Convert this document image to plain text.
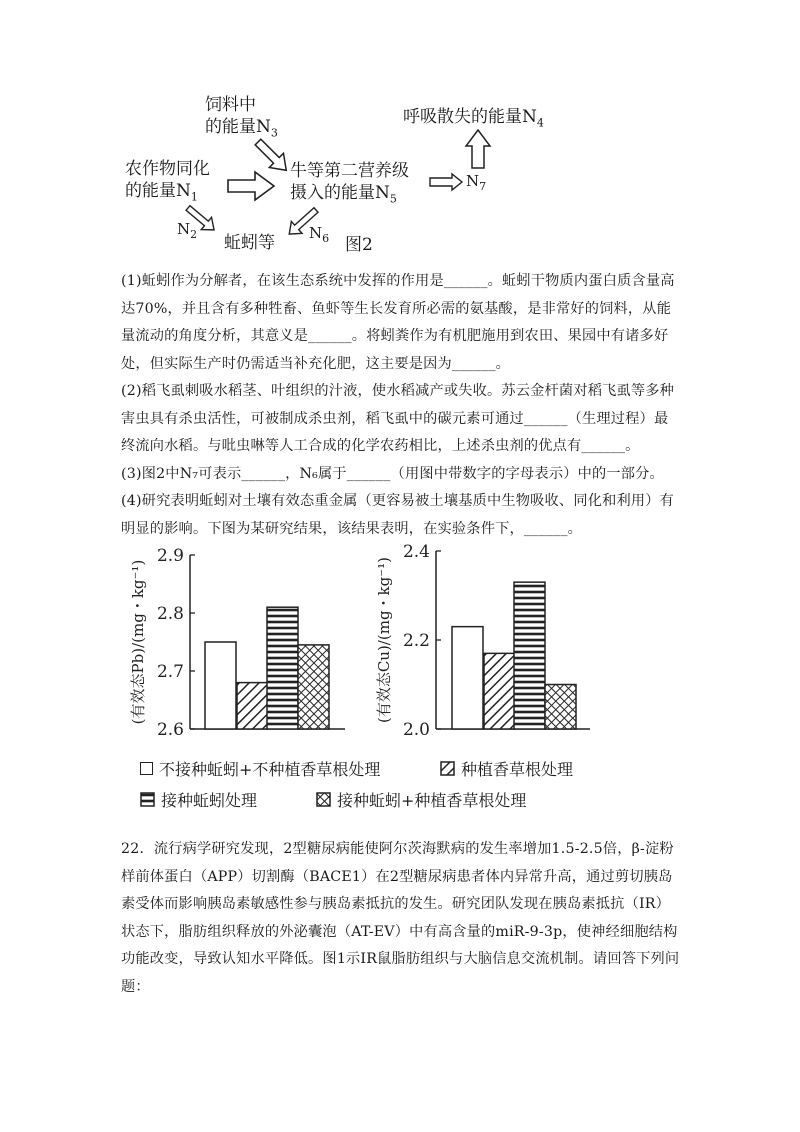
饲料中
的能量$N_3$
农作物同化
的能量$N_1$
牛等第二营养级
摄入的能量$N_5$
呼吸散失的能量$N_4$
$N_7$
$N_2$	$N_6$
蚯蚓等	图2

(1)蚯蚓作为分解者，在该生态系统中发挥的作用是______。蚯蚓干物质内蛋白质含量高达70%，并且含有多种牲畜、鱼虾等生长发育所必需的氨基酸，是非常好的饲料，从能量流动的角度分析，其意义是______。将蚓粪作为有机肥施用到农田、果园中有诸多好处，但实际生产时仍需适当补充化肥，这主要是因为______。

(2)稻飞虱刺吸水稻茎、叶组织的汁液，使水稻减产或失收。苏云金杆菌对稻飞虱等多种害虫具有杀虫活性，可被制成杀虫剂，稻飞虱中的碳元素可通过______（生理过程）最终流向水稻。与吡虫啉等人工合成的化学农药相比，上述杀虫剂的优点有______。

(3)图2中N₇可表示______，N₆属于______（用图中带数字的字母表示）中的一部分。

(4)研究表明蚯蚓对土壤有效态重金属（更容易被土壤基质中生物吸收、同化和利用）有明显的影响。下图为某研究结果，该结果表明，在实验条件下，______。

2.6
2.7
2.8
2.9
(有效态Pb)/(mg・kg⁻¹)
2.0
2.2
2.4
(有效态Cu)/(mg・kg⁻¹)
不接种蚯蚓+不种植香草根处理	种植香草根处理
接种蚯蚓处理	接种蚯蚓+种植香草根处理

22．流行病学研究发现，2型糖尿病能使阿尔茨海默病的发生率增加1.5-2.5倍，β-淀粉样前体蛋白（APP）切割酶（BACE1）在2型糖尿病患者体内异常升高，通过剪切胰岛素受体而影响胰岛素敏感性参与胰岛素抵抗的发生。研究团队发现在胰岛素抵抗（IR）状态下，脂肪组织释放的外泌囊泡（AT-EV）中有高含量的miR-9-3p，使神经细胞结构功能改变，导致认知水平降低。图1示IR鼠脂肪组织与大脑信息交流机制。请回答下列问题：
